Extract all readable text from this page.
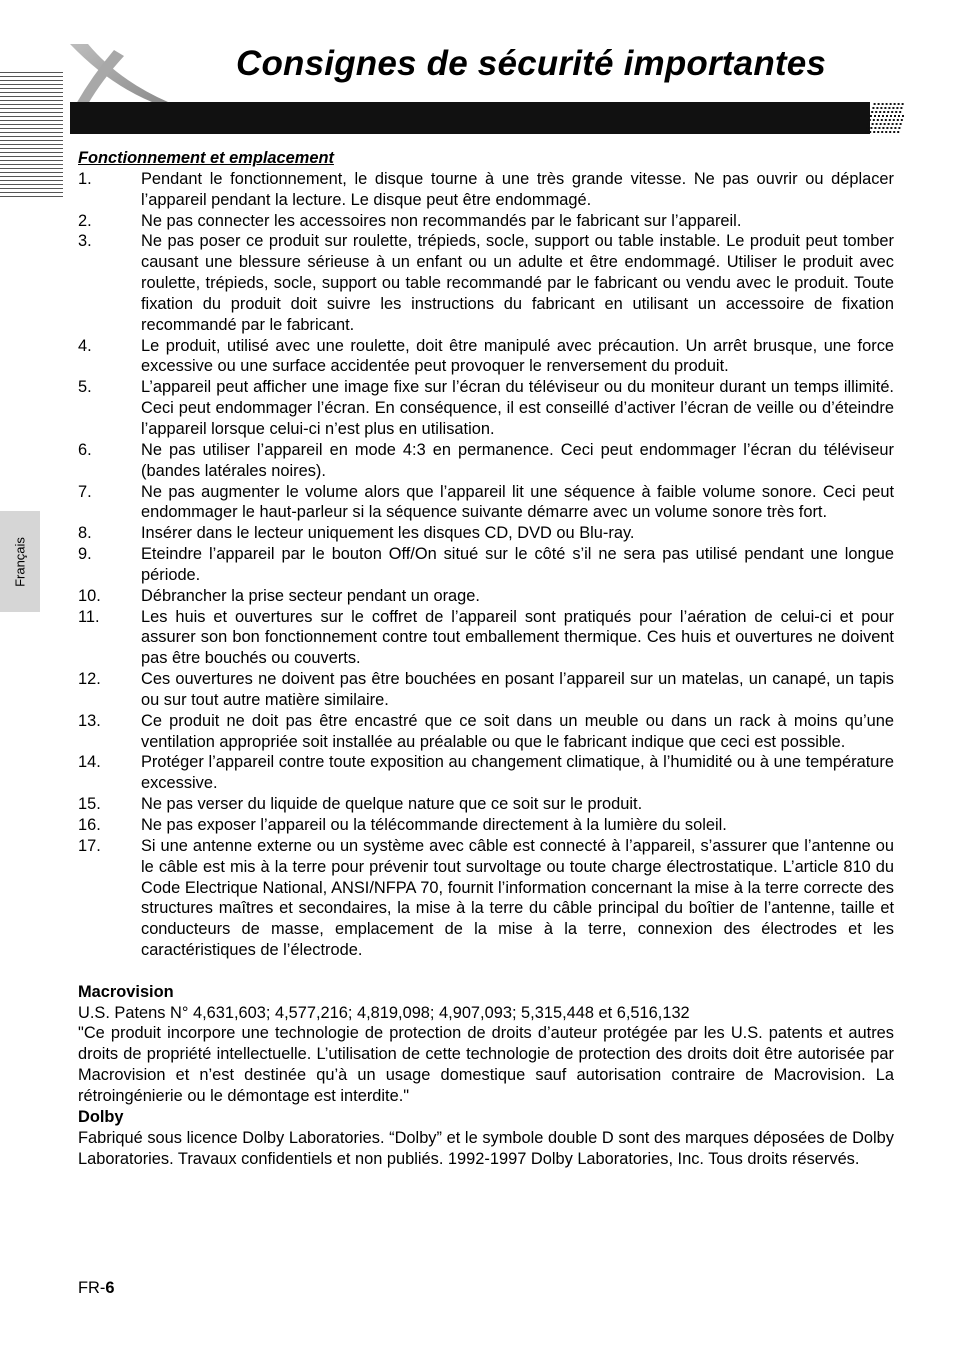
Consignes de sécurité importantes
Français
Fonctionnement et emplacement
1.	Pendant le fonctionnement, le disque tourne à une très grande vitesse. Ne pas ouvrir ou déplacer l’appareil pendant la lecture. Le disque peut être endommagé.
2.	Ne pas connecter les accessoires non recommandés par le fabricant sur l’appareil.
3.	Ne pas poser ce produit sur roulette, trépieds, socle, support ou table instable. Le produit peut tomber causant une blessure sérieuse à un enfant ou un adulte et être endommagé. Utiliser le produit avec roulette, trépieds, socle, support ou table recommandé par le fabricant ou vendu avec le produit. Toute fixation du produit doit suivre les instructions du fabricant en utilisant un accessoire de fixation recommandé par le fabricant.
4.	Le produit, utilisé avec une roulette, doit être manipulé avec précaution. Un arrêt brusque, une force excessive ou une surface accidentée peut provoquer le renversement du produit.
5.	L’appareil peut afficher une image fixe sur l’écran du téléviseur ou du moniteur durant un temps illimité. Ceci peut endommager l’écran. En conséquence, il est conseillé d’activer l’écran de veille ou d’éteindre l’appareil lorsque celui-ci n’est plus en utilisation.
6.	Ne pas utiliser l’appareil en mode 4:3 en permanence. Ceci peut endommager l’écran du téléviseur (bandes latérales noires).
7.	Ne pas augmenter le volume alors que l’appareil lit une séquence à faible volume sonore. Ceci peut endommager le haut-parleur si la séquence suivante démarre avec un volume sonore très fort.
8.	Insérer dans le lecteur uniquement les disques CD, DVD ou Blu-ray.
9.	Eteindre l’appareil par le bouton Off/On situé sur le côté s’il ne sera pas utilisé pendant une longue période.
10.	Débrancher la prise secteur pendant un orage.
11.	Les huis et ouvertures sur le coffret de l’appareil sont pratiqués pour l’aération de celui-ci et pour assurer son bon fonctionnement contre tout emballement thermique. Ces huis et ouvertures ne doivent pas être bouchés ou couverts.
12.	Ces ouvertures ne doivent pas être bouchées en posant l’appareil sur un matelas, un canapé, un tapis ou sur tout autre matière similaire.
13.	Ce produit ne doit pas être encastré que ce soit dans un meuble ou dans un rack à moins qu’une ventilation appropriée soit installée au préalable ou que le fabricant indique que ceci est possible.
14.	Protéger l’appareil contre toute exposition au changement climatique, à l’humidité ou à une température excessive.
15.	Ne pas verser du liquide de quelque nature que ce soit sur le produit.
16.	Ne pas exposer l’appareil ou la télécommande directement à la lumière du soleil.
17.	Si une antenne externe ou un système avec câble est connecté à l’appareil, s’assurer que l’antenne ou le câble est mis à la terre pour prévenir tout survoltage ou toute charge électrostatique. L’article 810 du Code Electrique National, ANSI/NFPA 70, fournit l’information concernant la mise à la terre correcte des structures maîtres et secondaires, la mise à la terre du câble principal du boîtier de l’antenne, taille et conducteurs de masse, emplacement de la mise à la terre, connexion des électrodes et les caractéristiques de l’électrode.
Macrovision
U.S. Patens N° 4,631,603; 4,577,216; 4,819,098; 4,907,093; 5,315,448 et 6,516,132
"Ce produit incorpore une technologie de protection de droits d’auteur protégée par les U.S. patents et autres droits de propriété intellectuelle. L’utilisation de cette technologie de protection des droits doit être autorisée par Macrovision et n’est destinée qu’à un usage domestique sauf autorisation contraire de Macrovision. La rétroingénierie ou le démontage est interdite."
Dolby
Fabriqué sous licence Dolby Laboratories. “Dolby” et le symbole double D sont des marques déposées de Dolby Laboratories. Travaux confidentiels et non publiés. 1992-1997 Dolby Laboratories, Inc. Tous droits réservés.
FR-6
